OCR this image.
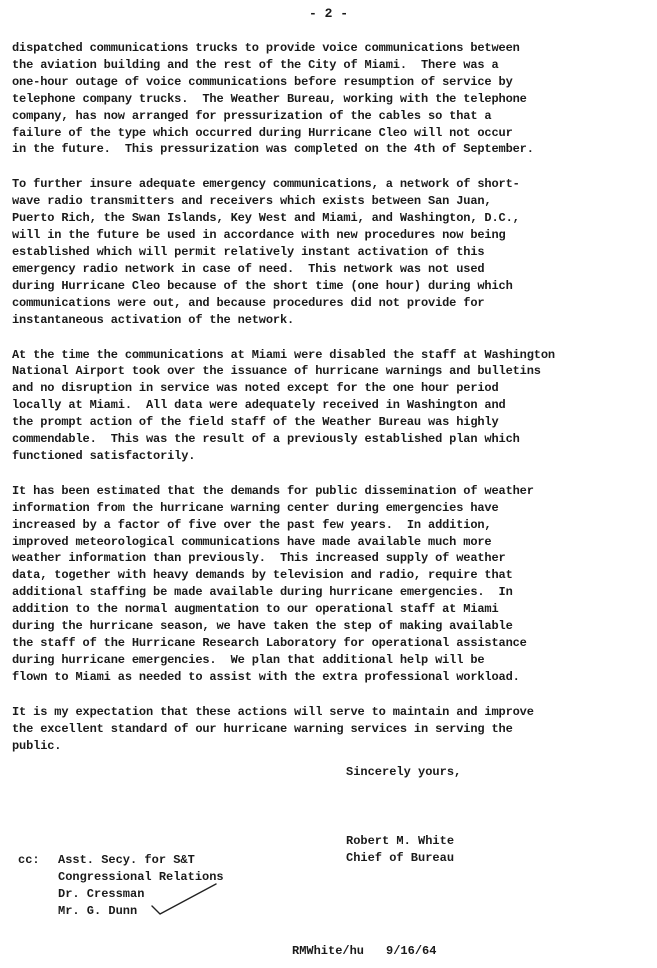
- 2 -

dispatched communications trucks to provide voice communications between
the aviation building and the rest of the City of Miami.  There was a
one-hour outage of voice communications before resumption of service by
telephone company trucks.  The Weather Bureau, working with the telephone
company, has now arranged for pressurization of the cables so that a
failure of the type which occurred during Hurricane Cleo will not occur
in the future.  This pressurization was completed on the 4th of September.

To further insure adequate emergency communications, a network of short-
wave radio transmitters and receivers which exists between San Juan,
Puerto Rich, the Swan Islands, Key West and Miami, and Washington, D.C.,
will in the future be used in accordance with new procedures now being
established which will permit relatively instant activation of this
emergency radio network in case of need.  This network was not used
during Hurricane Cleo because of the short time (one hour) during which
communications were out, and because procedures did not provide for
instantaneous activation of the network.

At the time the communications at Miami were disabled the staff at Washington
National Airport took over the issuance of hurricane warnings and bulletins
and no disruption in service was noted except for the one hour period
locally at Miami.  All data were adequately received in Washington and
the prompt action of the field staff of the Weather Bureau was highly
commendable.  This was the result of a previously established plan which
functioned satisfactorily.

It has been estimated that the demands for public dissemination of weather
information from the hurricane warning center during emergencies have
increased by a factor of five over the past few years.  In addition,
improved meteorological communications have made available much more
weather information than previously.  This increased supply of weather
data, together with heavy demands by television and radio, require that
additional staffing be made available during hurricane emergencies.  In
addition to the normal augmentation to our operational staff at Miami
during the hurricane season, we have taken the step of making available
the staff of the Hurricane Research Laboratory for operational assistance
during hurricane emergencies.  We plan that additional help will be
flown to Miami as needed to assist with the extra professional workload.

It is my expectation that these actions will serve to maintain and improve
the excellent standard of our hurricane warning services in serving the
public.

Sincerely yours,
Robert M. White
Chief of Bureau
cc:	Asst. Secy. for S&T
Congressional Relations
Dr. Cressman
Mr. G. Dunn
RMWhite/hu 9/16/64
